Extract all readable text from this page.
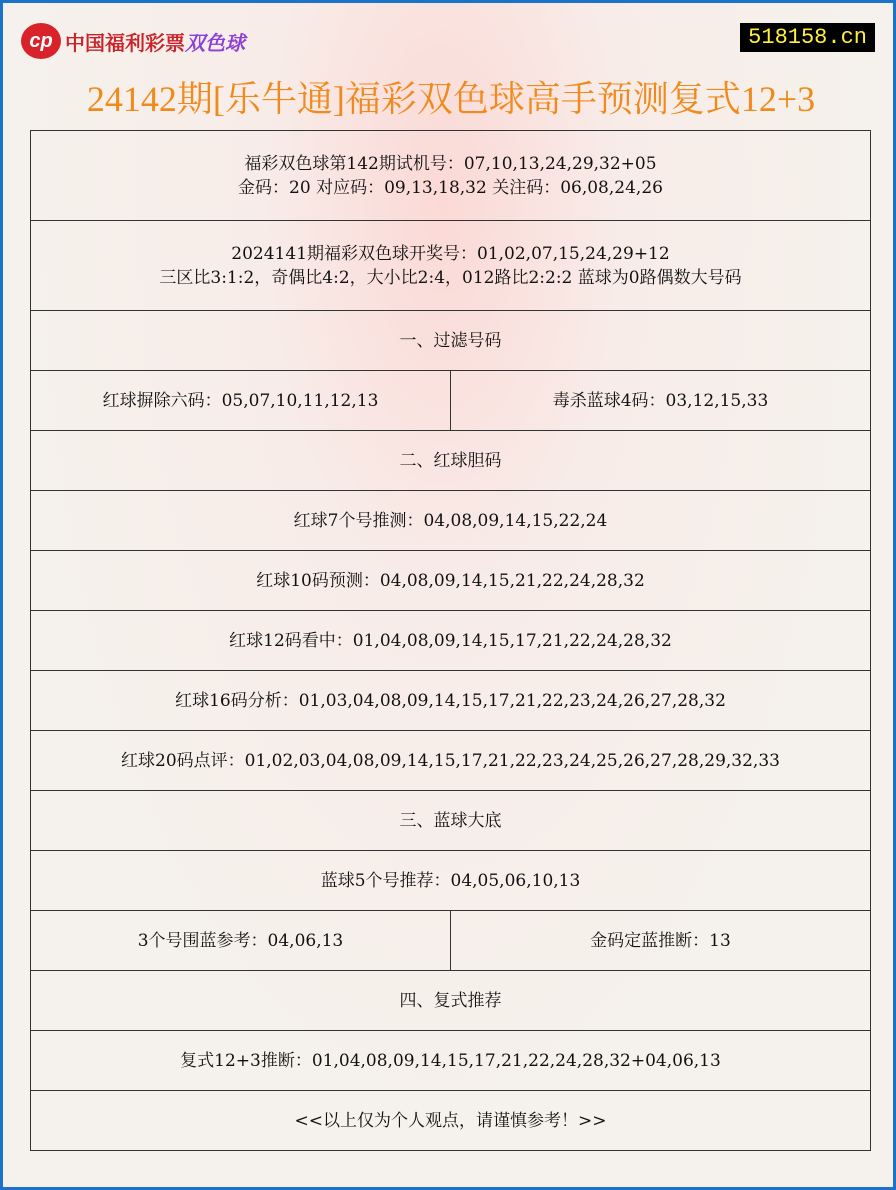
cp 中国福利彩票双色球	518158.cn
24142期[乐牛通]福彩双色球高手预测复式12+3
福彩双色球第142期试机号：07,10,13,24,29,32+05
金码：20 对应码：09,13,18,32 关注码：06,08,24,26	

2024141期福彩双色球开奖号：01,02,07,15,24,29+12
三区比3:1:2，奇偶比4:2，大小比2:4，012路比2:2:2 蓝球为0路偶数大号码	

一、过滤号码	
红球摒除六码：05,07,10,11,12,13	毒杀蓝球4码：03,12,15,33
二、红球胆码	
红球7个号推测：04,08,09,14,15,22,24	
红球10码预测：04,08,09,14,15,21,22,24,28,32	
红球12码看中：01,04,08,09,14,15,17,21,22,24,28,32	
红球16码分析：01,03,04,08,09,14,15,17,21,22,23,24,26,27,28,32	
红球20码点评：01,02,03,04,08,09,14,15,17,21,22,23,24,25,26,27,28,29,32,33	
三、蓝球大底	
蓝球5个号推荐：04,05,06,10,13	
3个号围蓝参考：04,06,13	金码定蓝推断：13
四、复式推荐	
复式12+3推断：01,04,08,09,14,15,17,21,22,24,28,32+04,06,13	
<<以上仅为个人观点，请谨慎参考！>>	
